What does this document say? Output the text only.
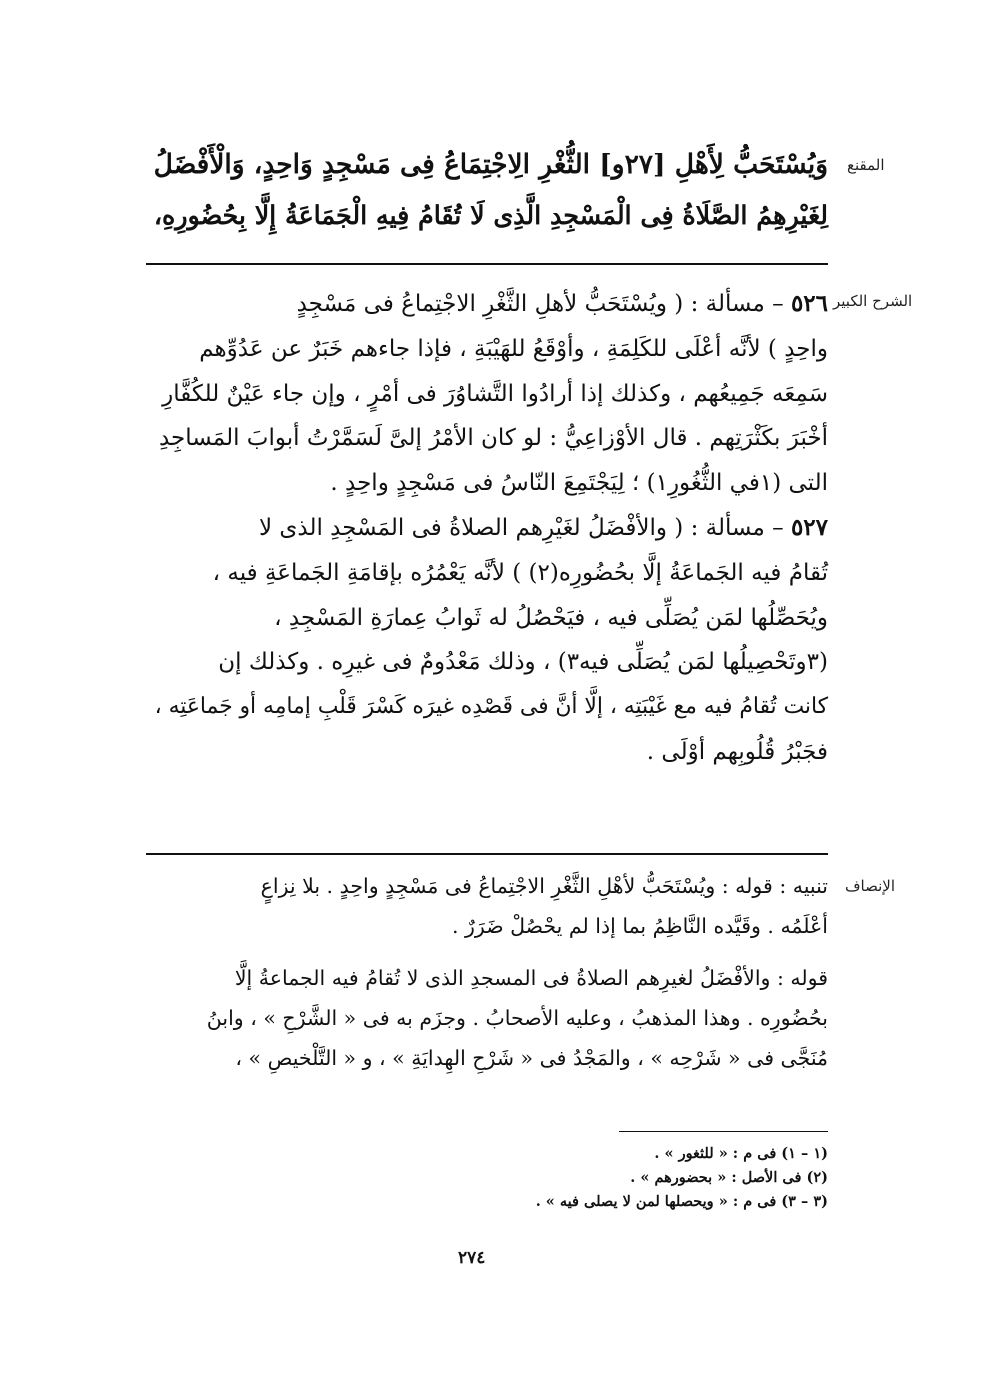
المقنع
الشرح الكبير
الإنصاف
وَيُسْتَحَبُّ لِأَهْلِ [٢٧و] الثُّغْرِ الِاجْتِمَاعُ فِى مَسْجِدٍ وَاحِدٍ، وَالْأَفْضَلُ
لِغَيْرِهِمُ الصَّلَاةُ فِى الْمَسْجِدِ الَّذِى لَا تُقَامُ فِيهِ الْجَمَاعَةُ إِلَّا بِحُضُورِهِ،
٥٢٦ – مسألة : ( ويُسْتَحَبُّ لأهلِ الثَّغْرِ الاجْتِماعُ فى مَسْجِدٍ
واحِدٍ ) لأنَّه أعْلَى للكَلِمَةِ ، وأوْقَعُ للهَيْبَةِ ، فإذا جاءهم خَبَرٌ عن عَدُوِّهم
سَمِعَه جَمِيعُهم ، وكذلك إذا أرادُوا التَّشاوُرَ فى أمْرٍ ، وإن جاء عَيْنٌ للكُفَّارِ
أخْبَرَ بكَثْرَتِهم . قال الأوْزاعِيُّ : لو كان الأمْرُ إلىَّ لَسَمَّرْتُ أبوابَ المَساجِدِ
التى (١في الثُّغُورِ١) ؛ لِيَجْتَمِعَ النّاسُ فى مَسْجِدٍ واحِدٍ .
٥٢٧ – مسألة : ( والأفْضَلُ لغَيْرِهم الصلاةُ فى المَسْجِدِ الذى لا
تُقامُ فيه الجَماعَةُ إلَّا بحُضُورِه(٢) ) لأنَّه يَعْمُرُه بإقامَةِ الجَماعَةِ فيه ،
ويُحَصِّلُها لمَن يُصَلِّى فيه ، فيَحْصُلُ له ثَوابُ عِمارَةِ المَسْجِدِ ،
(٣وتَحْصِيلُها لمَن يُصَلِّى فيه٣) ، وذلك مَعْدُومٌ فى غيرِه . وكذلك إن
كانت تُقامُ فيه مع غَيْبَتِه ، إلَّا أنَّ فى قَصْدِه غيرَه كَسْرَ قَلْبِ إمامِه أو جَماعَتِه ،
فجَبْرُ قُلُوبِهم أوْلَى .
تنبيه : قوله : ويُسْتَحَبُّ لأهْلِ الثَّغْرِ الاجْتِماعُ فى مَسْجِدٍ واحِدٍ . بلا نِزاعٍ
أعْلَمُه . وقَيَّده النَّاظِمُ بما إذا لم يحْصُلْ ضَرَرٌ .
قوله : والأفْضَلُ لغيرِهم الصلاةُ فى المسجدِ الذى لا تُقامُ فيه الجماعةُ إلَّا
بحُضُورِه . وهذا المذهبُ ، وعليه الأصحابُ . وجزَم به فى « الشَّرْحِ » ، وابنُ
مُنَجَّى فى « شَرْحِه » ، والمَجْدُ فى « شَرْحِ الهِدايَةِ » ، و « التَّلْخيصِ » ،
(١ – ١) فى م : « للثغور » .
(٢) فى الأصل : « بحضورهم » .
(٣ – ٣) فى م : « ويحصلها لمن لا يصلى فيه » .
٢٧٤
